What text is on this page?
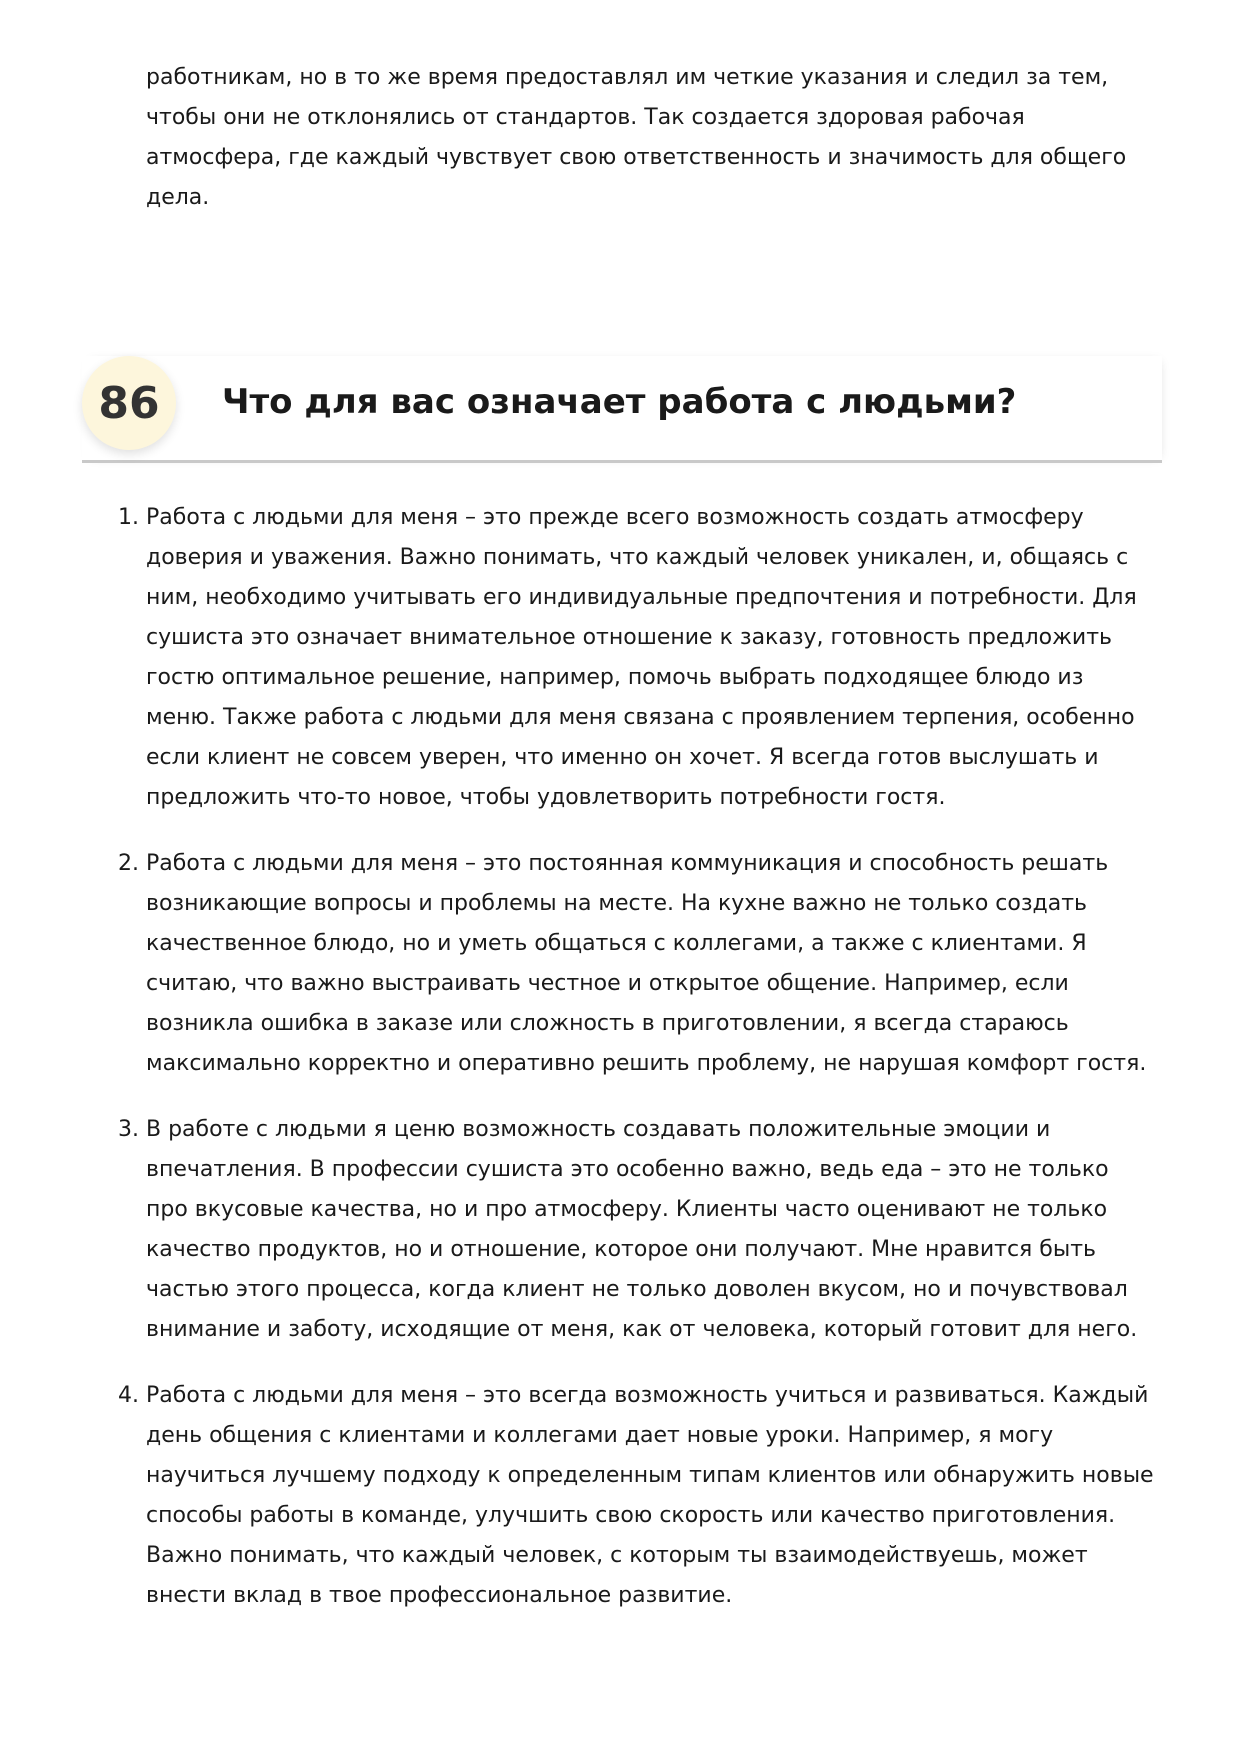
работникам, но в то же время предоставлял им четкие указания и следил за тем, чтобы они не отклонялись от стандартов. Так создается здоровая рабочая атмосфера, где каждый чувствует свою ответственность и значимость для общего дела.

86	Что для вас означает работа с людьми?
1. Работа с людьми для меня – это прежде всего возможность создать атмосферу доверия и уважения. Важно понимать, что каждый человек уникален, и, общаясь с ним, необходимо учитывать его индивидуальные предпочтения и потребности. Для сушиста это означает внимательное отношение к заказу, готовность предложить гостю оптимальное решение, например, помочь выбрать подходящее блюдо из меню. Также работа с людьми для меня связана с проявлением терпения, особенно если клиент не совсем уверен, что именно он хочет. Я всегда готов выслушать и предложить что-то новое, чтобы удовлетворить потребности гостя.
2. Работа с людьми для меня – это постоянная коммуникация и способность решать возникающие вопросы и проблемы на месте. На кухне важно не только создать качественное блюдо, но и уметь общаться с коллегами, а также с клиентами. Я считаю, что важно выстраивать честное и открытое общение. Например, если возникла ошибка в заказе или сложность в приготовлении, я всегда стараюсь максимально корректно и оперативно решить проблему, не нарушая комфорт гостя.
3. В работе с людьми я ценю возможность создавать положительные эмоции и впечатления. В профессии сушиста это особенно важно, ведь еда – это не только про вкусовые качества, но и про атмосферу. Клиенты часто оценивают не только качество продуктов, но и отношение, которое они получают. Мне нравится быть частью этого процесса, когда клиент не только доволен вкусом, но и почувствовал внимание и заботу, исходящие от меня, как от человека, который готовит для него.
4. Работа с людьми для меня – это всегда возможность учиться и развиваться. Каждый день общения с клиентами и коллегами дает новые уроки. Например, я могу научиться лучшему подходу к определенным типам клиентов или обнаружить новые способы работы в команде, улучшить свою скорость или качество приготовления. Важно понимать, что каждый человек, с которым ты взаимодействуешь, может внести вклад в твое профессиональное развитие.
